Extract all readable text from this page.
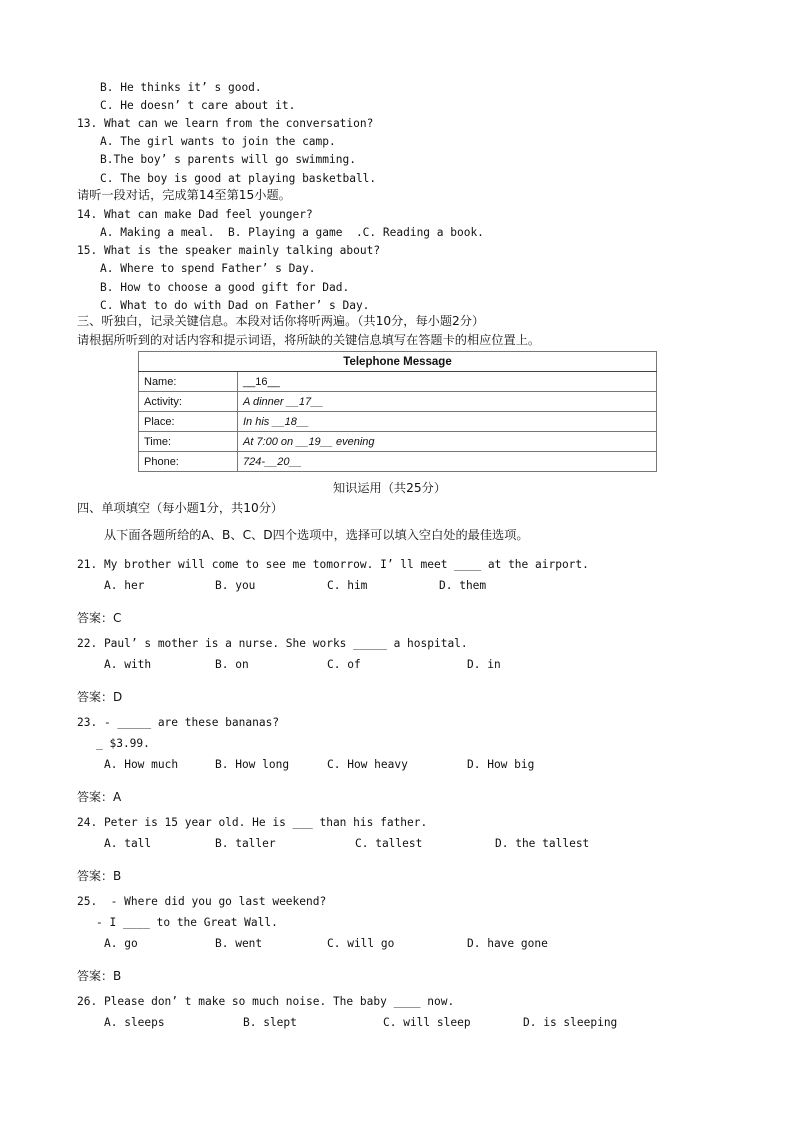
B. He thinks it’ s good.
C. He doesn’ t care about it.
13. What can we learn from the conversation?
A. The girl wants to join the camp.
B.The boy’ s parents will go swimming.
C. The boy is good at playing basketball.
请听一段对话，完成第14至第15小题。
14. What can make Dad feel younger?
A. Making a meal.  B. Playing a game  .C. Reading a book.
15. What is the speaker mainly talking about?
A. Where to spend Father’ s Day.
B. How to choose a good gift for Dad.
C. What to do with Dad on Father’ s Day.
三、听独白，记录关键信息。本段对话你将听两遍。（共10分，每小题2分）
请根据所听到的对话内容和提示词语，将所缺的关键信息填写在答题卡的相应位置上。
Telephone Message	
Name:	__16__
Activity:	A dinner __17__
Place:	In his __18__
Time:	At 7:00 on __19__ evening
Phone:	724-__20__
知识运用（共25分）
四、单项填空（每小题1分，共10分）
从下面各题所给的A、B、C、D四个选项中，选择可以填入空白处的最佳选项。
21. My brother will come to see me tomorrow. I’ ll meet ____ at the airport.
A. her	B. you	C. him	D. them
答案：C
22. Paul’ s mother is a nurse. She works _____ a hospital.
A. with	B. on	C. of	D. in
答案：D
23. - _____ are these bananas?
_ $3.99.
A. How much	B. How long	C. How heavy	D. How big
答案：A
24. Peter is 15 year old. He is ___ than his father.
A. tall	B. taller	C. tallest	D. the tallest
答案：B
25.  - Where did you go last weekend?
- I ____ to the Great Wall.
A. go	B. went	C. will go	D. have gone
答案：B
26. Please don’ t make so much noise. The baby ____ now.
A. sleeps	B. slept	C. will sleep	D. is sleeping
